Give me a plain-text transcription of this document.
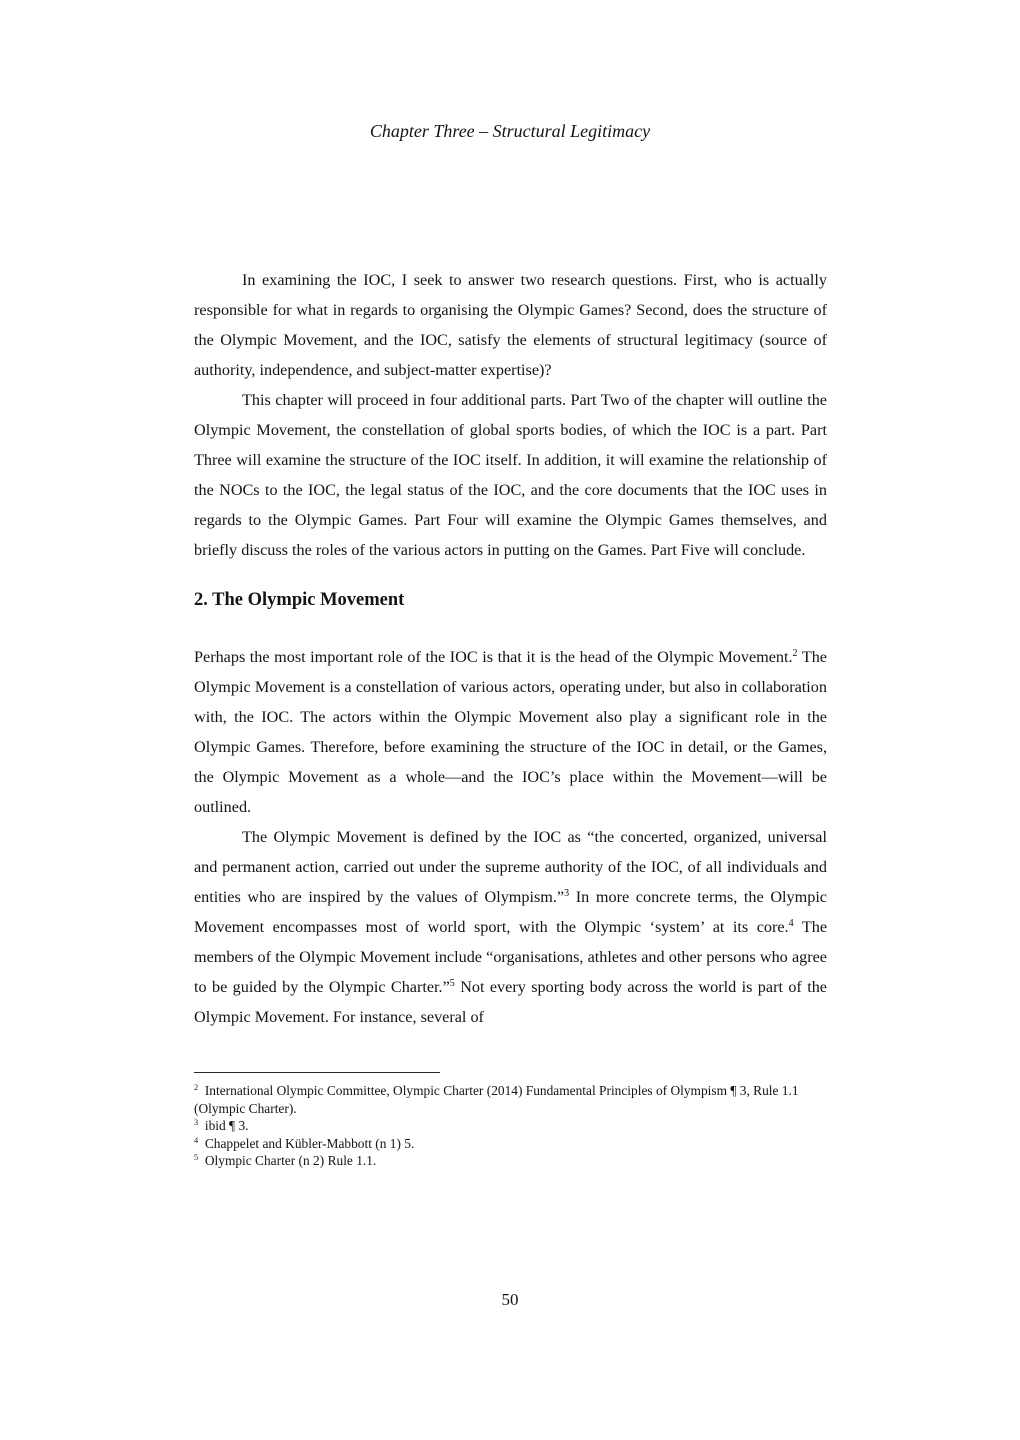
Chapter Three – Structural Legitimacy

In examining the IOC, I seek to answer two research questions. First, who is actually responsible for what in regards to organising the Olympic Games? Second, does the structure of the Olympic Movement, and the IOC, satisfy the elements of structural legitimacy (source of authority, independence, and subject-matter expertise)?

This chapter will proceed in four additional parts. Part Two of the chapter will outline the Olympic Movement, the constellation of global sports bodies, of which the IOC is a part. Part Three will examine the structure of the IOC itself. In addition, it will examine the relationship of the NOCs to the IOC, the legal status of the IOC, and the core documents that the IOC uses in regards to the Olympic Games. Part Four will examine the Olympic Games themselves, and briefly discuss the roles of the various actors in putting on the Games. Part Five will conclude.

2. The Olympic Movement

Perhaps the most important role of the IOC is that it is the head of the Olympic Movement.$^2$ The Olympic Movement is a constellation of various actors, operating under, but also in collaboration with, the IOC. The actors within the Olympic Movement also play a significant role in the Olympic Games. Therefore, before examining the structure of the IOC in detail, or the Games, the Olympic Movement as a whole—and the IOC’s place within the Movement—will be outlined.

The Olympic Movement is defined by the IOC as “the concerted, organized, universal and permanent action, carried out under the supreme authority of the IOC, of all individuals and entities who are inspired by the values of Olympism.”$^3$ In more concrete terms, the Olympic Movement encompasses most of world sport, with the Olympic ‘system’ at its core.$^4$ The members of the Olympic Movement include “organisations, athletes and other persons who agree to be guided by the Olympic Charter.”$^5$ Not every sporting body across the world is part of the Olympic Movement. For instance, several of

$^2$  International Olympic Committee, Olympic Charter (2014) Fundamental Principles of Olympism ¶ 3, Rule 1.1 (Olympic Charter).
$^3$  ibid ¶ 3.
$^4$  Chappelet and Kübler-Mabbott (n 1) 5.
$^5$  Olympic Charter (n 2) Rule 1.1.
50
